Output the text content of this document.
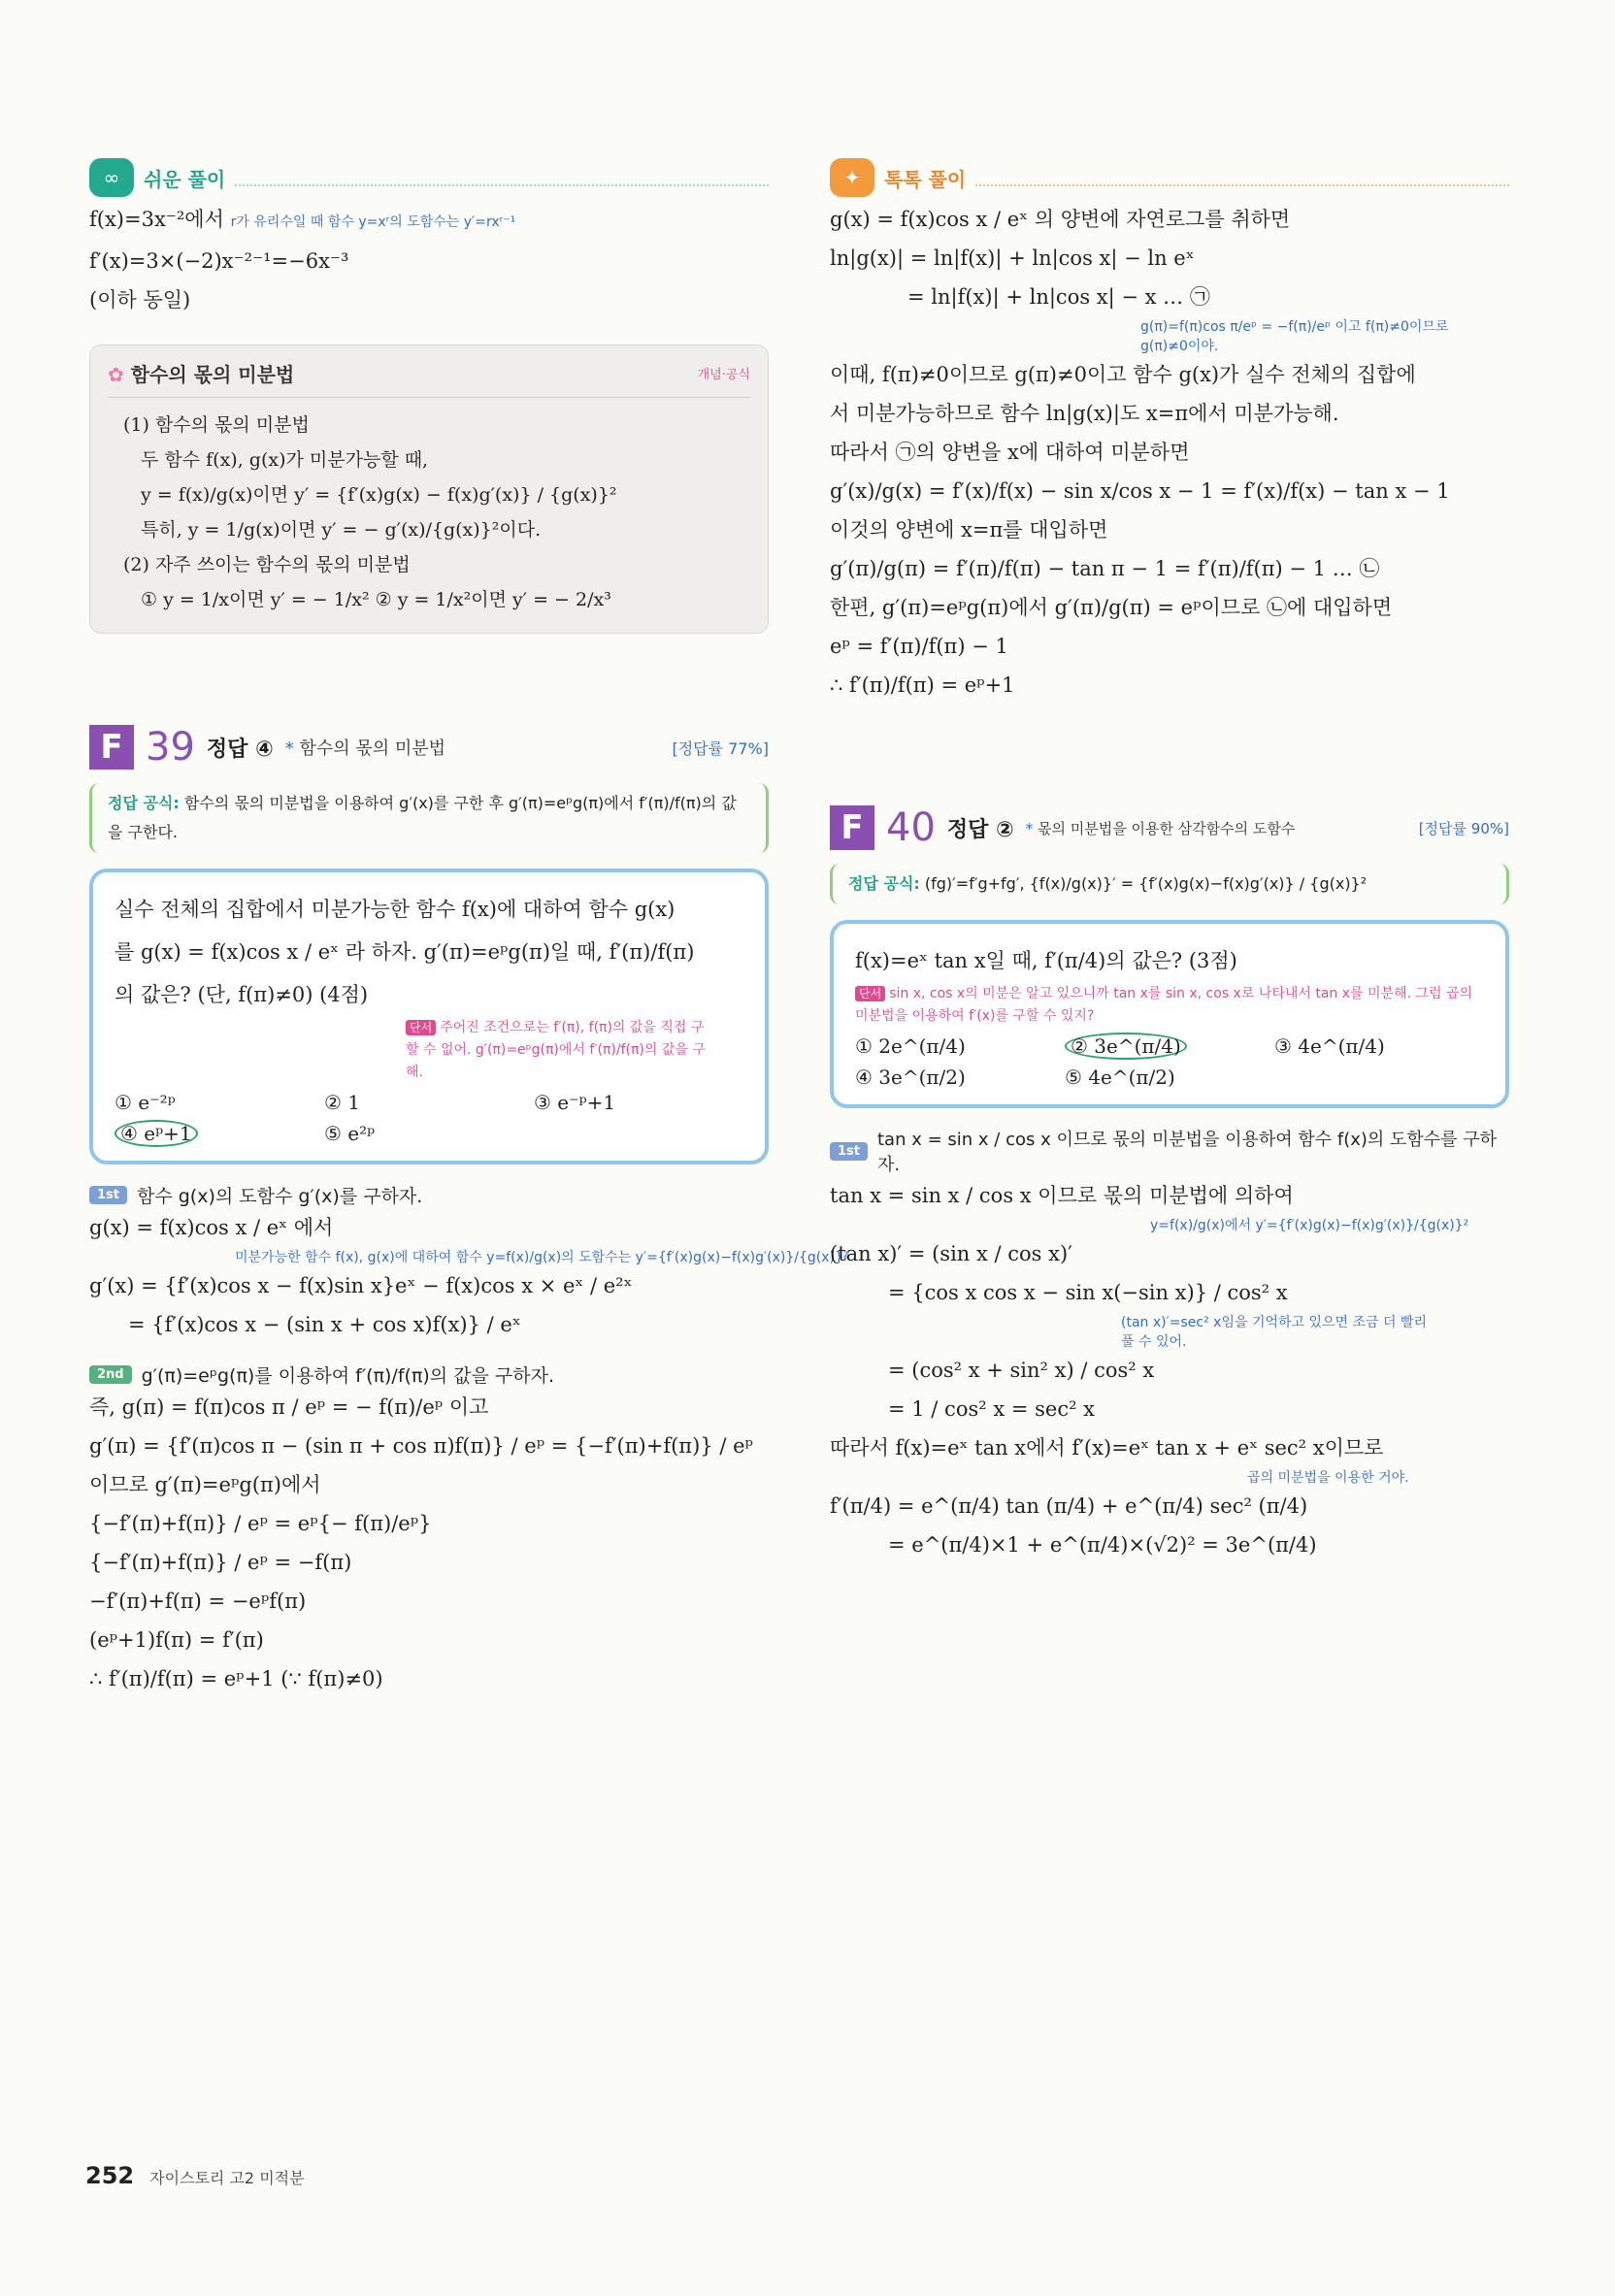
∞	쉬운 풀이
f(x)=3x⁻²에서 r가 유리수일 때 함수 y=xʳ의 도함수는 y′=rxʳ⁻¹
f′(x)=3×(−2)x⁻²⁻¹=−6x⁻³
(이하 동일)
✿ 함수의 몫의 미분법	개념·공식
(1) 함수의 몫의 미분법
두 함수 f(x), g(x)가 미분가능할 때,
y = f(x)/g(x)이면 y′ = {f′(x)g(x) − f(x)g′(x)} / {g(x)}²
특히, y = 1/g(x)이면 y′ = − g′(x)/{g(x)}²이다.
(2) 자주 쓰이는 함수의 몫의 미분법
① y = 1/x이면 y′ = − 1/x² ② y = 1/x²이면 y′ = − 2/x³
F 39 정답 ④	* 함수의 몫의 미분법	[정답률 77%]
정답 공식: 함수의 몫의 미분법을 이용하여 g′(x)를 구한 후 g′(π)=eᵖg(π)에서 f′(π)/f(π)의 값을 구한다.
실수 전체의 집합에서 미분가능한 함수 f(x)에 대하여 함수 g(x)
를 g(x) = f(x)cos x / eˣ 라 하자. g′(π)=eᵖg(π)일 때, f′(π)/f(π)
의 값은? (단, f(π)≠0) (4점)
단서 주어진 조건으로는 f′(π), f(π)의 값을 직접 구할 수 없어. g′(π)=eᵖg(π)에서 f′(π)/f(π)의 값을 구해.
① e⁻²ᵖ	② 1	③ e⁻ᵖ+1
④ eᵖ+1	⑤ e²ᵖ
1st 함수 g(x)의 도함수 g′(x)를 구하자.
g(x) = f(x)cos x / eˣ 에서
미분가능한 함수 f(x), g(x)에 대하여 함수 y=f(x)/g(x)의 도함수는 y′={f′(x)g(x)−f(x)g′(x)}/{g(x)}²
g′(x) = {f′(x)cos x − f(x)sin x}eˣ − f(x)cos x × eˣ / e²ˣ
= {f′(x)cos x − (sin x + cos x)f(x)} / eˣ
2nd g′(π)=eᵖg(π)를 이용하여 f′(π)/f(π)의 값을 구하자.
즉, g(π) = f(π)cos π / eᵖ = − f(π)/eᵖ 이고
g′(π) = {f′(π)cos π − (sin π + cos π)f(π)} / eᵖ = {−f′(π)+f(π)} / eᵖ
이므로 g′(π)=eᵖg(π)에서
{−f′(π)+f(π)} / eᵖ = eᵖ{− f(π)/eᵖ}
{−f′(π)+f(π)} / eᵖ = −f(π)
−f′(π)+f(π) = −eᵖf(π)
(eᵖ+1)f(π) = f′(π)
∴ f′(π)/f(π) = eᵖ+1 (∵ f(π)≠0)
✦	톡톡 풀이
g(x) = f(x)cos x / eˣ 의 양변에 자연로그를 취하면
ln|g(x)| = ln|f(x)| + ln|cos x| − ln eˣ
= ln|f(x)| + ln|cos x| − x … ㉠
g(π)=f(π)cos π/eᵖ = −f(π)/eᵖ 이고 f(π)≠0이므로 g(π)≠0이야.
이때, f(π)≠0이므로 g(π)≠0이고 함수 g(x)가 실수 전체의 집합에
서 미분가능하므로 함수 ln|g(x)|도 x=π에서 미분가능해.
따라서 ㉠의 양변을 x에 대하여 미분하면
g′(x)/g(x) = f′(x)/f(x) − sin x/cos x − 1 = f′(x)/f(x) − tan x − 1
이것의 양변에 x=π를 대입하면
g′(π)/g(π) = f′(π)/f(π) − tan π − 1 = f′(π)/f(π) − 1 … ㉡
한편, g′(π)=eᵖg(π)에서 g′(π)/g(π) = eᵖ이므로 ㉡에 대입하면
eᵖ = f′(π)/f(π) − 1
∴ f′(π)/f(π) = eᵖ+1
F 40 정답 ②	* 몫의 미분법을 이용한 삼각함수의 도함수	[정답률 90%]
정답 공식: (fg)′=f′g+fg′, {f(x)/g(x)}′ = {f′(x)g(x)−f(x)g′(x)} / {g(x)}²
f(x)=eˣ tan x일 때, f′(π/4)의 값은? (3점)
단서 sin x, cos x의 미분은 알고 있으니까 tan x를 sin x, cos x로 나타내서 tan x를 미분해. 그럼 곱의 미분법을 이용하여 f′(x)를 구할 수 있지?
① 2e^(π/4)	② 3e^(π/4)	③ 4e^(π/4)
④ 3e^(π/2)	⑤ 4e^(π/2)
1st
tan x = sin x / cos x 이므로 몫의 미분법을 이용하여 함수 f(x)의 도함수를 구하자.
tan x = sin x / cos x 이므로 몫의 미분법에 의하여
y=f(x)/g(x)에서 y′={f′(x)g(x)−f(x)g′(x)}/{g(x)}²
(tan x)′ = (sin x / cos x)′
= {cos x cos x − sin x(−sin x)} / cos² x
(tan x)′=sec² x임을 기억하고 있으면 조금 더 빨리 풀 수 있어.
= (cos² x + sin² x) / cos² x
= 1 / cos² x = sec² x
따라서 f(x)=eˣ tan x에서 f′(x)=eˣ tan x + eˣ sec² x이므로
곱의 미분법을 이용한 거야.
f′(π/4) = e^(π/4) tan (π/4) + e^(π/4) sec² (π/4)
= e^(π/4)×1 + e^(π/4)×(√2)² = 3e^(π/4)
252 자이스토리 고2 미적분
